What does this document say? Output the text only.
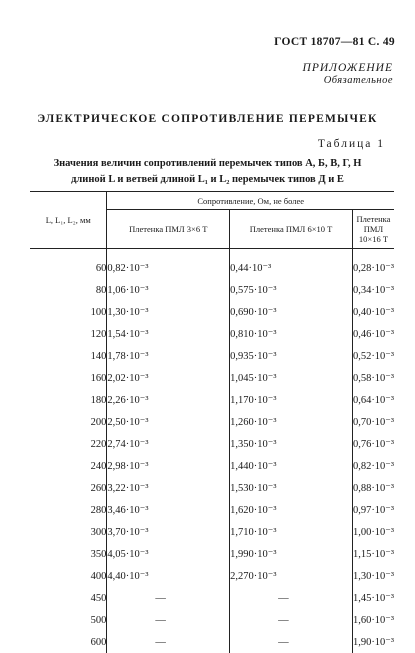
ГОСТ 18707—81 С. 49
ПРИЛОЖЕНИЕ
Обязательное
ЭЛЕКТРИЧЕСКОЕ СОПРОТИВЛЕНИЕ ПЕРЕМЫЧЕК
Таблица 1
Значения величин сопротивлений перемычек типов А, Б, В, Г, Н
длиной L и ветвей длиной L₁ и L₂ перемычек типов Д и Е
L, L₁, L₂, мм	Сопротивление, Ом, не более		
	Плетенка ПМЛ 3×6 Т	Плетенка ПМЛ 6×10 Т	Плетенка ПМЛ 10×16 Т
60	0,82·10⁻³	0,44·10⁻³	0,28·10⁻³
80	1,06·10⁻³	0,575·10⁻³	0,34·10⁻³
100	1,30·10⁻³	0,690·10⁻³	0,40·10⁻³
120	1,54·10⁻³	0,810·10⁻³	0,46·10⁻³
140	1,78·10⁻³	0,935·10⁻³	0,52·10⁻³
160	2,02·10⁻³	1,045·10⁻³	0,58·10⁻³
180	2,26·10⁻³	1,170·10⁻³	0,64·10⁻³
200	2,50·10⁻³	1,260·10⁻³	0,70·10⁻³
220	2,74·10⁻³	1,350·10⁻³	0,76·10⁻³
240	2,98·10⁻³	1,440·10⁻³	0,82·10⁻³
260	3,22·10⁻³	1,530·10⁻³	0,88·10⁻³
280	3,46·10⁻³	1,620·10⁻³	0,97·10⁻³
300	3,70·10⁻³	1,710·10⁻³	1,00·10⁻³
350	4,05·10⁻³	1,990·10⁻³	1,15·10⁻³
400	4,40·10⁻³	2,270·10⁻³	1,30·10⁻³
450	—	—	1,45·10⁻³
500	—	—	1,60·10⁻³
600	—	—	1,90·10⁻³
